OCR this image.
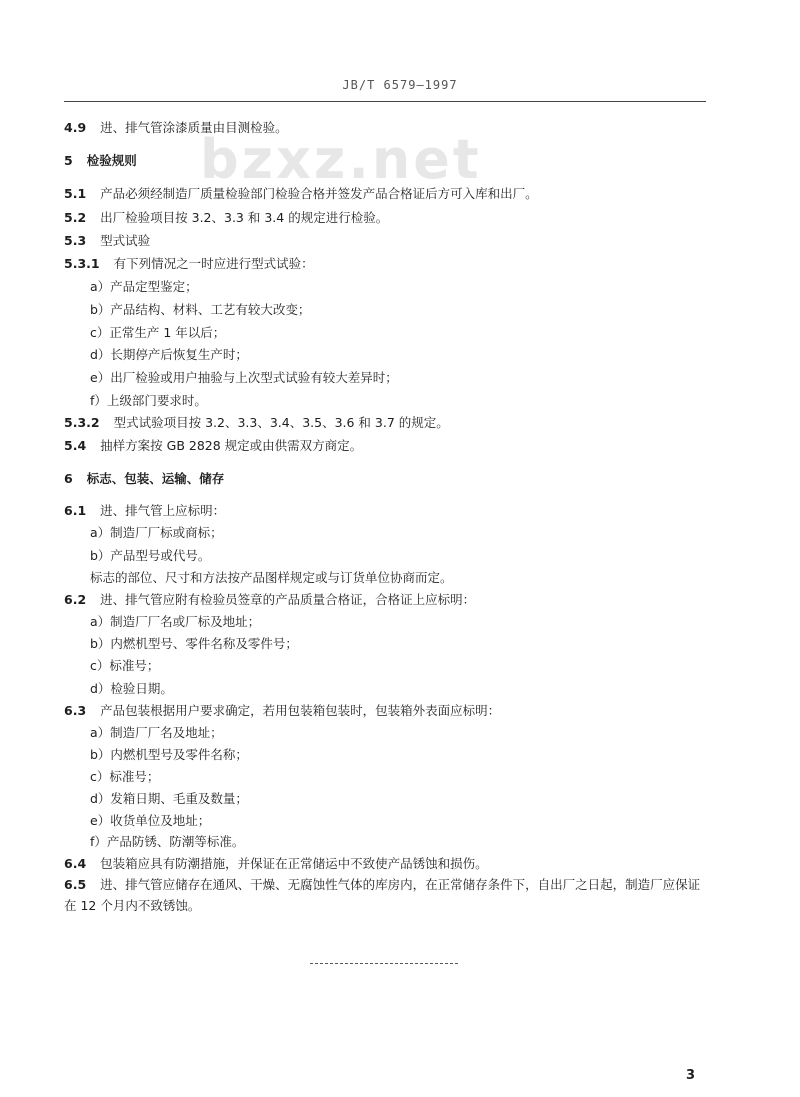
JB/T 6579—1997
bzxz.net
4.9 进、排气管涂漆质量由目测检验。
5 检验规则
5.1 产品必须经制造厂质量检验部门检验合格并签发产品合格证后方可入库和出厂。
5.2 出厂检验项目按 3.2、3.3 和 3.4 的规定进行检验。
5.3 型式试验
5.3.1 有下列情况之一时应进行型式试验：
a）产品定型鉴定；
b）产品结构、材料、工艺有较大改变；
c）正常生产 1 年以后；
d）长期停产后恢复生产时；
e）出厂检验或用户抽验与上次型式试验有较大差异时；
f）上级部门要求时。
5.3.2 型式试验项目按 3.2、3.3、3.4、3.5、3.6 和 3.7 的规定。
5.4 抽样方案按 GB 2828 规定或由供需双方商定。
6 标志、包装、运输、储存
6.1 进、排气管上应标明：
a）制造厂厂标或商标；
b）产品型号或代号。
标志的部位、尺寸和方法按产品图样规定或与订货单位协商而定。
6.2 进、排气管应附有检验员签章的产品质量合格证，合格证上应标明：
a）制造厂厂名或厂标及地址；
b）内燃机型号、零件名称及零件号；
c）标准号；
d）检验日期。
6.3 产品包装根据用户要求确定，若用包装箱包装时，包装箱外表面应标明：
a）制造厂厂名及地址；
b）内燃机型号及零件名称；
c）标准号；
d）发箱日期、毛重及数量；
e）收货单位及地址；
f）产品防锈、防潮等标准。
6.4 包装箱应具有防潮措施，并保证在正常储运中不致使产品锈蚀和损伤。
6.5 进、排气管应储存在通风、干燥、无腐蚀性气体的库房内，在正常储存条件下，自出厂之日起，制造厂应保证
在 12 个月内不致锈蚀。
3
